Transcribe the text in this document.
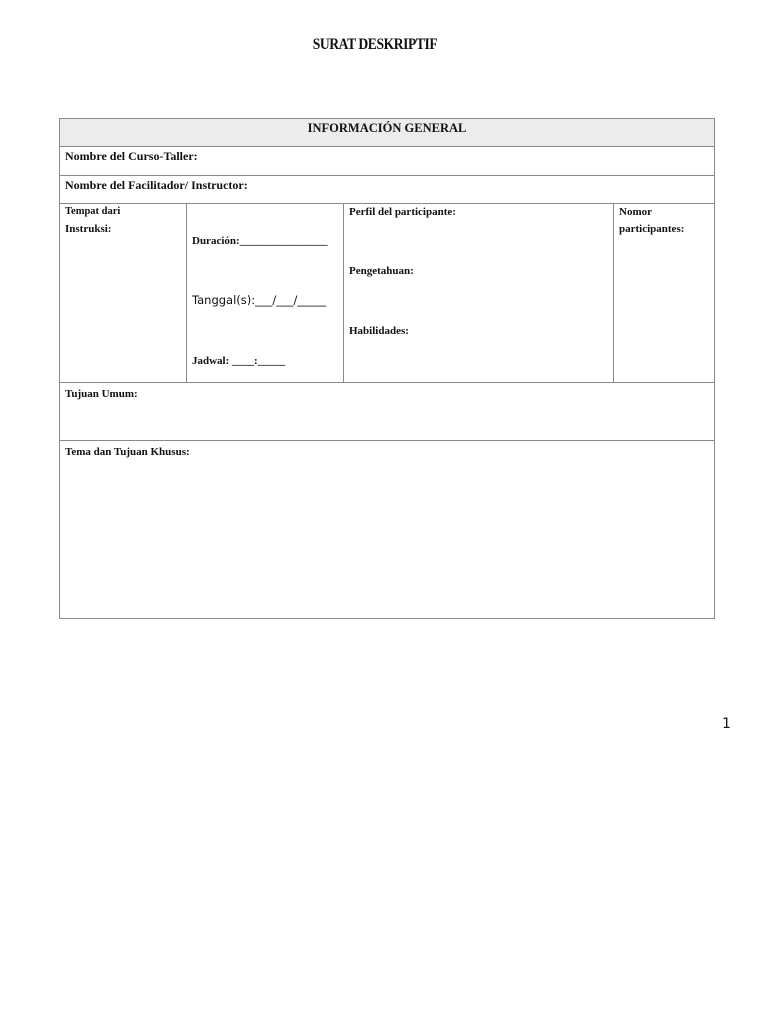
SURAT DESKRIPTIF
INFORMACIÓN GENERAL
Nombre del Curso-Taller:
Nombre del Facilitador/ Instructor:
Tempat dari
Instruksi:
Duración:________________
Tanggal(s):___/___/_____
Jadwal: ____:_____
Perfil del participante:
Pengetahuan:
Habilidades:
Nomor
participantes:
Tujuan Umum:
Tema dan Tujuan Khusus:
1
